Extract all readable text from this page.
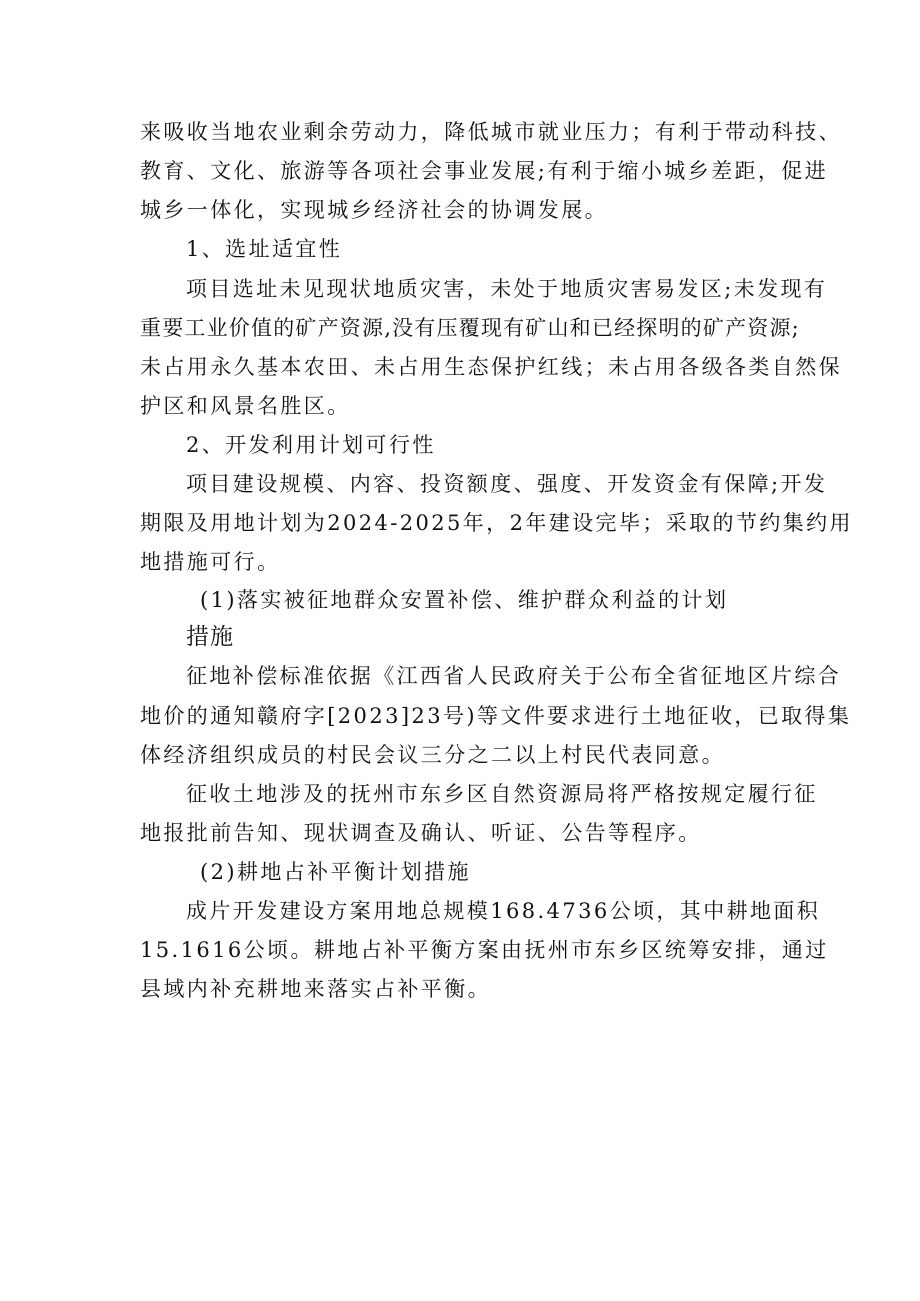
来吸收当地农业剩余劳动力，降低城市就业压力；有利于带动科技、
教育、文化、旅游等各项社会事业发展;有利于缩小城乡差距，促进
城乡一体化，实现城乡经济社会的协调发展。
1、选址适宜性
项目选址未见现状地质灾害，未处于地质灾害易发区;未发现有
重要工业价值的矿产资源,没有压覆现有矿山和已经探明的矿产资源;
未占用永久基本农田、未占用生态保护红线；未占用各级各类自然保
护区和风景名胜区。
2、开发利用计划可行性
项目建设规模、内容、投资额度、强度、开发资金有保障;开发
期限及用地计划为2024-2025年，2年建设完毕；采取的节约集约用
地措施可行。
(1)落实被征地群众安置补偿、维护群众利益的计划
措施
征地补偿标准依据《江西省人民政府关于公布全省征地区片综合
地价的通知赣府字[2023]23号)等文件要求进行土地征收，已取得集
体经济组织成员的村民会议三分之二以上村民代表同意。
征收土地涉及的抚州市东乡区自然资源局将严格按规定履行征
地报批前告知、现状调查及确认、听证、公告等程序。
(2)耕地占补平衡计划措施
成片开发建设方案用地总规模168.4736公顷，其中耕地面积
15.1616公顷。耕地占补平衡方案由抚州市东乡区统筹安排，通过
县域内补充耕地来落实占补平衡。
